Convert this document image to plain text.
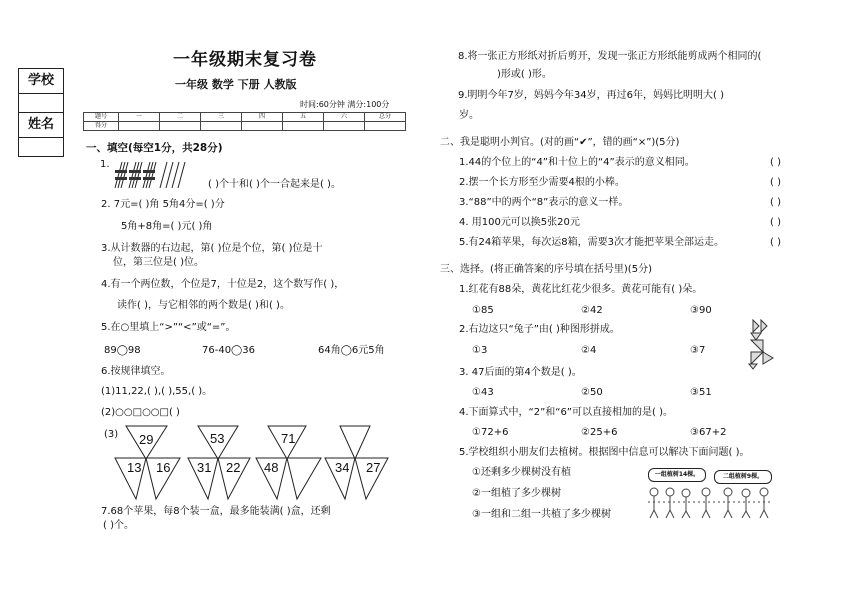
学校
姓名
一年级期末复习卷
一年级 数学 下册 人教版
时间:60分钟 满分:100分
题号	一	二	三	四	五	六	总分
得分							
一、填空(每空1分，共28分)
1.
( )个十和( )个一合起来是( )。
2. 7元=( )角 5角4分=( )分
5角+8角=( )元( )角
3.从计数器的右边起，第( )位是个位，第( )位是十
位，第三位是( )位。
4.有一个两位数，个位是7，十位是2，这个数写作( )，
读作( )，与它相邻的两个数是( )和( )。
5.在○里填上“>”“<”或“=”。
89◯98	76-40◯36	64角◯6元5角
6.按规律填空。
(1)11,22,( ),( ),55,( )。
(2)○○□○○□( )
(3) 29
13 16
53
31 22
71
48	34 27
7.68个苹果，每8个装一盒，最多能装满( )盒，还剩
( )个。
8.将一张正方形纸对折后剪开，发现一张正方形纸能剪成两个相同的(
)形或( )形。
9.明明今年7岁，妈妈今年34岁，再过6年，妈妈比明明大( )
岁。
二、我是聪明小判官。(对的画“✔”，错的画“×”)(5分)
1.44的个位上的“4”和十位上的“4”表示的意义相同。	( )
2.摆一个长方形至少需要4根的小棒。	( )
3.“88”中的两个“8”表示的意义一样。	( )
4. 用100元可以换5张20元	( )
5.有24箱苹果，每次运8箱，需要3次才能把苹果全部运走。	( )
三、选择。(将正确答案的序号填在括号里)(5分)
1.红花有88朵，黄花比红花少很多。黄花可能有( )朵。
①85	②42	③90
2.右边这只“兔子”由( )种图形拼成。
①3	②4	③7
3. 47后面的第4个数是( )。
①43	②50	③51
4.下面算式中，“2”和“6”可以直接相加的是( )。
①72+6	②25+6	③67+2
5.学校组织小朋友们去植树。根据图中信息可以解决下面问题( )。
①还剩多少棵树没有植
②一组植了多少棵树
③一组和二组一共植了多少棵树
一组植树14棵。	二组植树9棵。
